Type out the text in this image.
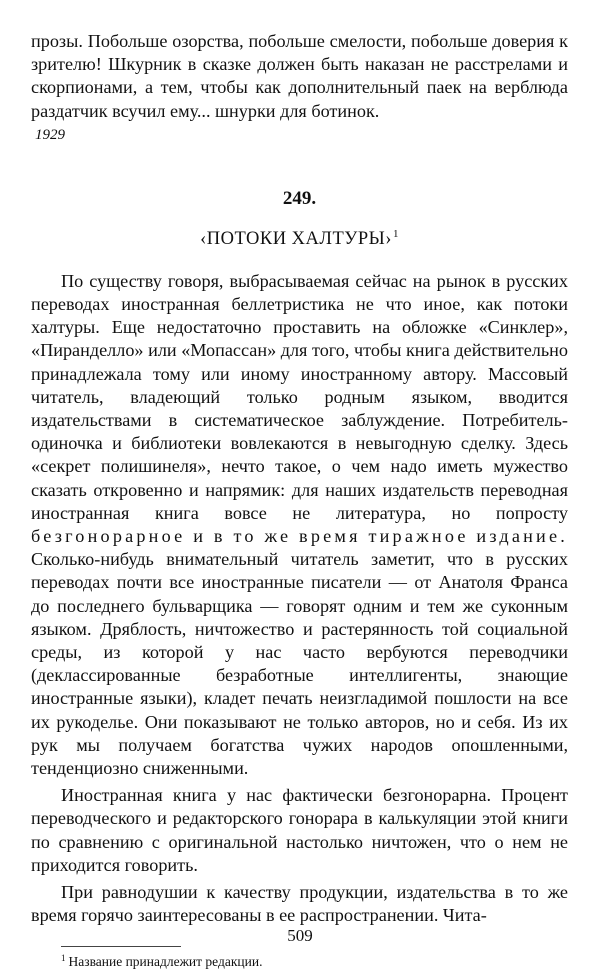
прозы. Побольше озорства, побольше смелости, побольше доверия к зрителю! Шкурник в сказке должен быть наказан не расстрелами и скорпионами, а тем, чтобы как дополнительный паек на верблюда раздатчик всучил ему... шнурки для ботинок.

1929
249.
‹ПОТОКИ ХАЛТУРЫ›$^1$

По существу говоря, выбрасываемая сейчас на рынок в русских переводах иностранная беллетристика не что иное, как потоки халтуры. Еще недостаточно проставить на обложке «Синклер», «Пиранделло» или «Мопассан» для того, чтобы книга действительно принадлежала тому или иному иностранному автору. Массовый читатель, владеющий только родным языком, вводится издательствами в систематическое заблуждение. Потребитель-одиночка и библиотеки вовлекаются в невыгодную сделку. Здесь «секрет полишинеля», нечто такое, о чем надо иметь мужество сказать откровенно и напрямик: для наших издательств переводная иностранная книга вовсе не литература, но попросту безгонорарное и в то же время тиражное издание. Сколько-нибудь внимательный читатель заметит, что в русских переводах почти все иностранные писатели — от Анатоля Франса до последнего бульварщика — говорят одним и тем же суконным языком. Дряблость, ничтожество и растерянность той социальной среды, из которой у нас часто вербуются переводчики (деклассированные безработные интеллигенты, знающие иностранные языки), кладет печать неизгладимой пошлости на все их рукоделье. Они показывают не только авторов, но и себя. Из их рук мы получаем богатства чужих народов опошленными, тенденциозно сниженными.

Иностранная книга у нас фактически безгонорарна. Процент переводческого и редакторского гонорара в калькуляции этой книги по сравнению с оригинальной настолько ничтожен, что о нем не приходится говорить.

При равнодушии к качеству продукции, издательства в то же время горячо заинтересованы в ее распространении. Чита-

$^1$ Название принадлежит редакции.
509
